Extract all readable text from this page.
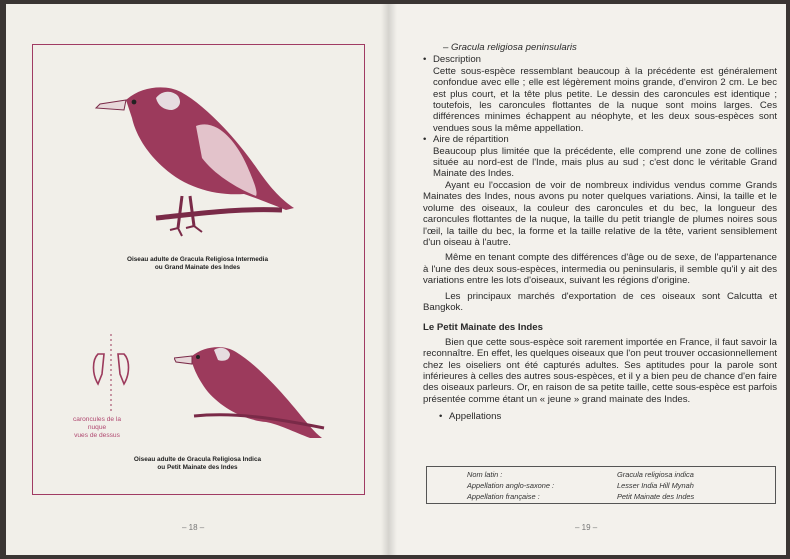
Oiseau adulte de Gracula Religiosa Intermedia
ou Grand Mainate des Indes
caroncules de la
nuque
vues de dessus
Oiseau adulte de Gracula Religiosa Indica
ou Petit Mainate des Indes
– 18 –

– Gracula religiosa peninsularis

• Description

Cette sous-espèce ressemblant beaucoup à la précédente est généralement confondue avec elle ; elle est légèrement moins grande, d'environ 2 cm. Le bec est plus court, et la tête plus petite. Le dessin des caroncules est identique ; toutefois, les caroncules flottantes de la nuque sont moins larges. Ces différences minimes échappent au néophyte, et les deux sous-espèces sont vendues sous la même appellation.

• Aire de répartition

Beaucoup plus limitée que la précédente, elle comprend une zone de collines située au nord-est de l'Inde, mais plus au sud ; c'est donc le véritable Grand Mainate des Indes.

Ayant eu l'occasion de voir de nombreux individus vendus comme Grands Mainates des Indes, nous avons pu noter quelques variations. Ainsi, la taille et le volume des oiseaux, la couleur des caroncules et du bec, la longueur des caroncules flottantes de la nuque, la taille du petit triangle de plumes noires sous l'œil, la taille du bec, la forme et la taille relative de la tête, varient sensiblement d'un oiseau à l'autre.

Même en tenant compte des différences d'âge ou de sexe, de l'appartenance à l'une des deux sous-espèces, intermedia ou peninsularis, il semble qu'il y ait des variations entre les lots d'oiseaux, suivant les régions d'origine.

Les principaux marchés d'exportation de ces oiseaux sont Calcutta et Bangkok.

Le Petit Mainate des Indes

Bien que cette sous-espèce soit rarement importée en France, il faut savoir la reconnaître. En effet, les quelques oiseaux que l'on peut trouver occasionnellement chez les oiseliers ont été capturés adultes. Ses aptitudes pour la parole sont inférieures à celles des autres sous-espèces, et il y a bien peu de chance d'en faire des oiseaux parleurs. Or, en raison de sa petite taille, cette sous-espèce est parfois présentée comme étant un « jeune » grand mainate des Indes.

• Appellations

Nom latin :	Gracula religiosa indica
Appellation anglo-saxone :	Lesser India Hill Mynah
Appellation française :	Petit Mainate des Indes
– 19 –
